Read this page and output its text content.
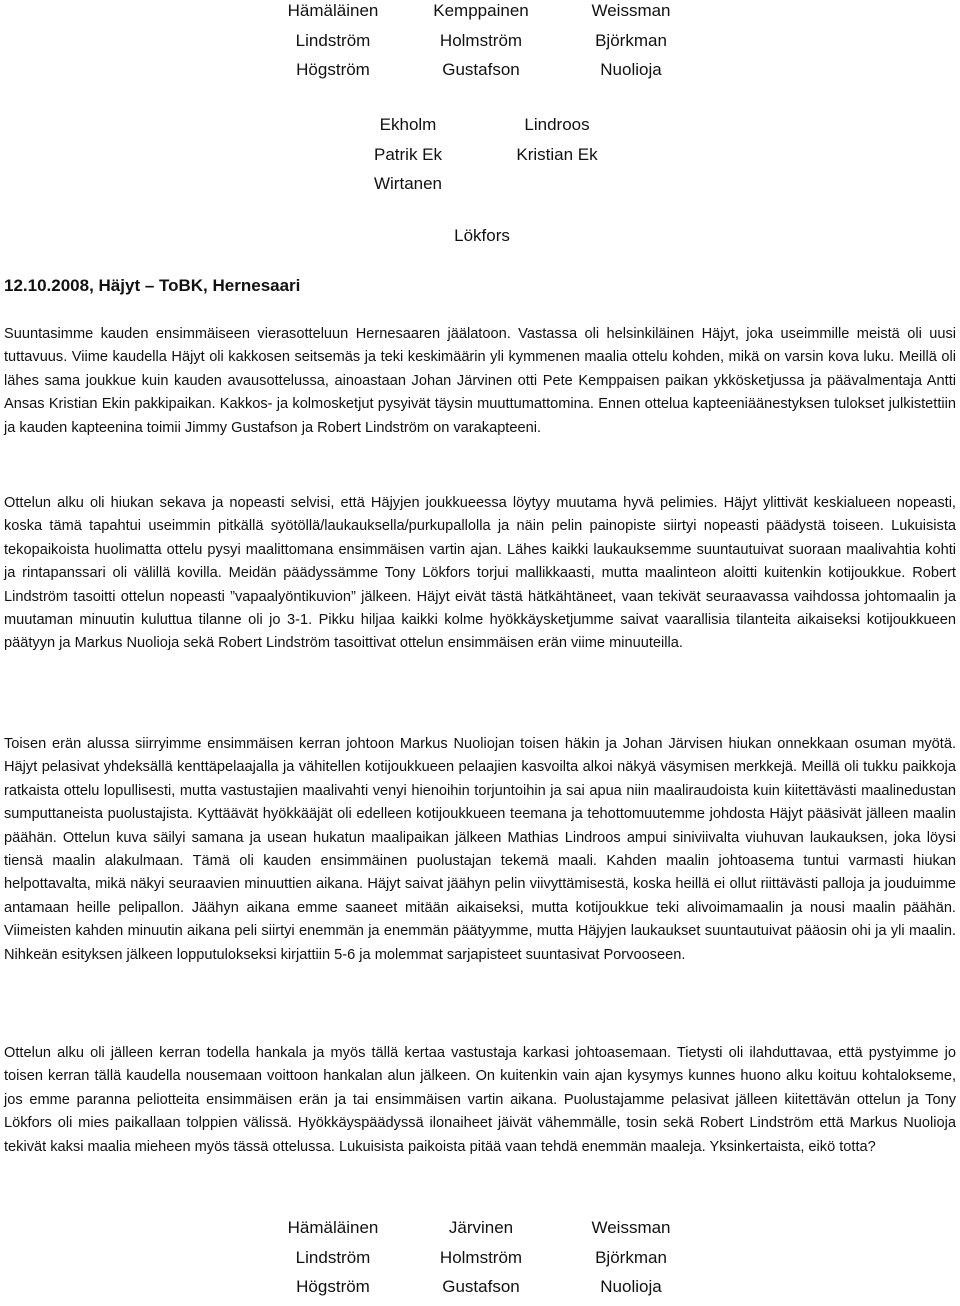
Hämäläinen	Kemppainen	Weissman
Lindström	Holmström	Björkman
Högström	Gustafson	Nuolioja
Ekholm	Lindroos
Patrik Ek	Kristian Ek
Wirtanen
Lökfors
12.10.2008, Häjyt – ToBK, Hernesaari

Suuntasimme kauden ensimmäiseen vierasotteluun Hernesaaren jäälatoon. Vastassa oli helsinkiläinen Häjyt, joka useimmille meistä oli uusi tuttavuus. Viime kaudella Häjyt oli kakkosen seitsemäs ja teki keskimäärin yli kymmenen maalia ottelu kohden, mikä on varsin kova luku. Meillä oli lähes sama joukkue kuin kauden avausottelussa, ainoastaan Johan Järvinen otti Pete Kemppaisen paikan ykkösketjussa ja päävalmentaja Antti Ansas Kristian Ekin pakkipaikan. Kakkos- ja kolmosketjut pysyivät täysin muuttumattomina. Ennen ottelua kapteeniäänestyksen tulokset julkistettiin ja kauden kapteenina toimii Jimmy Gustafson ja Robert Lindström on varakapteeni.

Ottelun alku oli hiukan sekava ja nopeasti selvisi, että Häjyjen joukkueessa löytyy muutama hyvä pelimies. Häjyt ylittivät keskialueen nopeasti, koska tämä tapahtui useimmin pitkällä syötöllä/laukauksella/purkupallolla ja näin pelin painopiste siirtyi nopeasti päädystä toiseen. Lukuisista tekopaikoista huolimatta ottelu pysyi maalittomana ensimmäisen vartin ajan. Lähes kaikki laukauksemme suuntautuivat suoraan maalivahtia kohti ja rintapanssari oli välillä kovilla. Meidän päädyssämme Tony Lökfors torjui mallikkaasti, mutta maalinteon aloitti kuitenkin kotijoukkue. Robert Lindström tasoitti ottelun nopeasti ”vapaalyöntikuvion” jälkeen. Häjyt eivät tästä hätkähtäneet, vaan tekivät seuraavassa vaihdossa johtomaalin ja muutaman minuutin kuluttua tilanne oli jo 3-1. Pikku hiljaa kaikki kolme hyökkäysketjumme saivat vaarallisia tilanteita aikaiseksi kotijoukkueen päätyyn ja Markus Nuolioja sekä Robert Lindström tasoittivat ottelun ensimmäisen erän viime minuuteilla.

Toisen erän alussa siirryimme ensimmäisen kerran johtoon Markus Nuoliojan toisen häkin ja Johan Järvisen hiukan onnekkaan osuman myötä. Häjyt pelasivat yhdeksällä kenttäpelaajalla ja vähitellen kotijoukkueen pelaajien kasvoilta alkoi näkyä väsymisen merkkejä. Meillä oli tukku paikkoja ratkaista ottelu lopullisesti, mutta vastustajien maalivahti venyi hienoihin torjuntoihin ja sai apua niin maaliraudoista kuin kiitettävästi maalinedustan sumputtaneista puolustajista. Kyttäävät hyökkääjät oli edelleen kotijoukkueen teemana ja tehottomuutemme johdosta Häjyt pääsivät jälleen maalin päähän. Ottelun kuva säilyi samana ja usean hukatun maalipaikan jälkeen Mathias Lindroos ampui siniviivalta viuhuvan laukauksen, joka löysi tiensä maalin alakulmaan. Tämä oli kauden ensimmäinen puolustajan tekemä maali. Kahden maalin johtoasema tuntui varmasti hiukan helpottavalta, mikä näkyi seuraavien minuuttien aikana. Häjyt saivat jäähyn pelin viivyttämisestä, koska heillä ei ollut riittävästi palloja ja jouduimme antamaan heille pelipallon. Jäähyn aikana emme saaneet mitään aikaiseksi, mutta kotijoukkue teki alivoimamaalin ja nousi maalin päähän. Viimeisten kahden minuutin aikana peli siirtyi enemmän ja enemmän päätyymme, mutta Häjyjen laukaukset suuntautuivat pääosin ohi ja yli maalin. Nihkeän esityksen jälkeen lopputulokseksi kirjattiin 5-6 ja molemmat sarjapisteet suuntasivat Porvooseen.

Ottelun alku oli jälleen kerran todella hankala ja myös tällä kertaa vastustaja karkasi johtoasemaan. Tietysti oli ilahduttavaa, että pystyimme jo toisen kerran tällä kaudella nousemaan voittoon hankalan alun jälkeen. On kuitenkin vain ajan kysymys kunnes huono alku koituu kohtalokseme, jos emme paranna peliotteita ensimmäisen erän ja tai ensimmäisen vartin aikana. Puolustajamme pelasivat jälleen kiitettävän ottelun ja Tony Lökfors oli mies paikallaan tolppien välissä. Hyökkäyspäädyssä ilonaiheet jäivät vähemmälle, tosin sekä Robert Lindström että Markus Nuolioja tekivät kaksi maalia mieheen myös tässä ottelussa. Lukuisista paikoista pitää vaan tehdä enemmän maaleja. Yksinkertaista, eikö totta?

Hämäläinen	Järvinen	Weissman
Lindström	Holmström	Björkman
Högström	Gustafson	Nuolioja
